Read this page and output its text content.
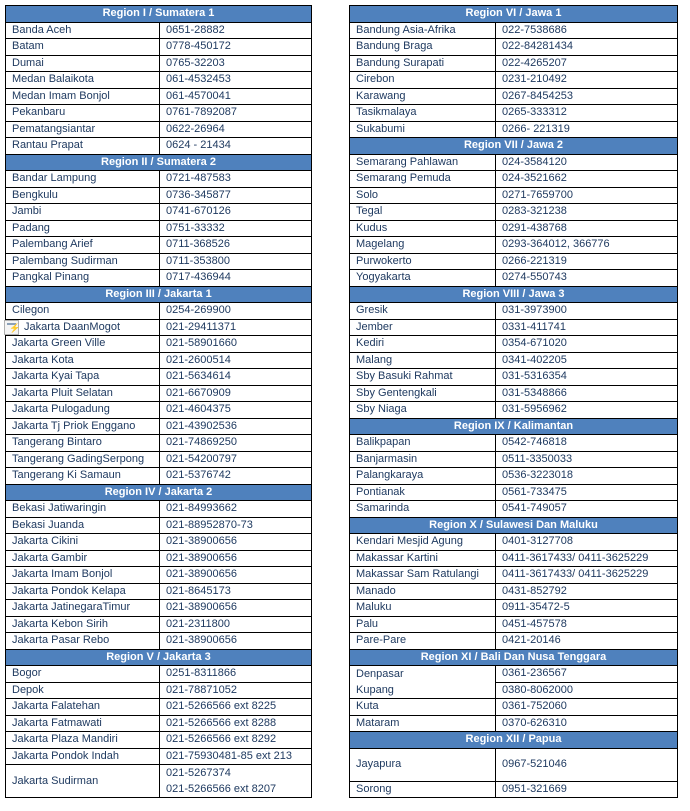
Region I / Sumatera 1	
Banda Aceh	0651-28882
Batam	0778-450172
Dumai	0765-32203
Medan Balaikota	061-4532453
Medan Imam Bonjol	061-4570041
Pekanbaru	0761-7892087
Pematangsiantar	0622-26964
Rantau Prapat	0624 - 21434
Region II / Sumatera 2	
Bandar Lampung	0721-487583
Bengkulu	0736-345877
Jambi	0741-670126
Padang	0751-33332
Palembang Arief	0711-368526
Palembang Sudirman	0711-353800
Pangkal Pinang	0717-436944
Region III / Jakarta 1	
Cilegon	0254-269900
Jakarta DaanMogot	021-29411371
Jakarta Green Ville	021-58901660
Jakarta Kota	021-2600514
Jakarta Kyai Tapa	021-5634614
Jakarta Pluit Selatan	021-6670909
Jakarta Pulogadung	021-4604375
Jakarta Tj Priok Enggano	021-43902536
Tangerang Bintaro	021-74869250
Tangerang GadingSerpong	021-54200797
Tangerang Ki Samaun	021-5376742
Region IV / Jakarta 2	
Bekasi Jatiwaringin	021-84993662
Bekasi Juanda	021-88952870-73
Jakarta Cikini	021-38900656
Jakarta Gambir	021-38900656
Jakarta Imam Bonjol	021-38900656
Jakarta Pondok Kelapa	021-8645173
Jakarta JatinegaraTimur	021-38900656
Jakarta Kebon Sirih	021-2311800
Jakarta Pasar Rebo	021-38900656
Region V / Jakarta 3	
Bogor	0251-8311866
Depok	021-78871052
Jakarta Falatehan	021-5266566 ext 8225
Jakarta Fatmawati	021-5266566 ext 8288
Jakarta Plaza Mandiri	021-5266566 ext 8292
Jakarta Pondok Indah	021-75930481-85 ext 213
Jakarta Sudirman	021-5267374
021-5266566 ext 8207
Region VI / Jawa 1	
Bandung Asia-Afrika	022-7538686
Bandung Braga	022-84281434
Bandung Surapati	022-4265207
Cirebon	0231-210492
Karawang	0267-8454253
Tasikmalaya	0265-333312
Sukabumi	0266- 221319
Region VII / Jawa 2	
Semarang Pahlawan	024-3584120
Semarang Pemuda	024-3521662
Solo	0271-7659700
Tegal	0283-321238
Kudus	0291-438768
Magelang	0293-364012, 366776
Purwokerto	0266-221319
Yogyakarta	0274-550743
Region VIII / Jawa 3	
Gresik	031-3973900
Jember	0331-411741
Kediri	0354-671020
Malang	0341-402205
Sby Basuki Rahmat	031-5316354
Sby Gentengkali	031-5348866
Sby Niaga	031-5956962
Region IX / Kalimantan	
Balikpapan	0542-746818
Banjarmasin	0511-3350033
Palangkaraya	0536-3223018
Pontianak	0561-733475
Samarinda	0541-749057
Region X / Sulawesi Dan Maluku	
Kendari Mesjid Agung	0401-3127708
Makassar Kartini	0411-3617433/ 0411-3625229
Makassar Sam Ratulangi	0411-3617433/ 0411-3625229
Manado	0431-852792
Maluku	0911-35472-5
Palu	0451-457578
Pare-Pare	0421-20146
Region XI / Bali Dan Nusa Tenggara	
Denpasar	0361-236567
Kupang	0380-8062000
Kuta	0361-752060
Mataram	0370-626310
Region XII / Papua	
Jayapura	0967-521046
Sorong	0951-321669
⚡
